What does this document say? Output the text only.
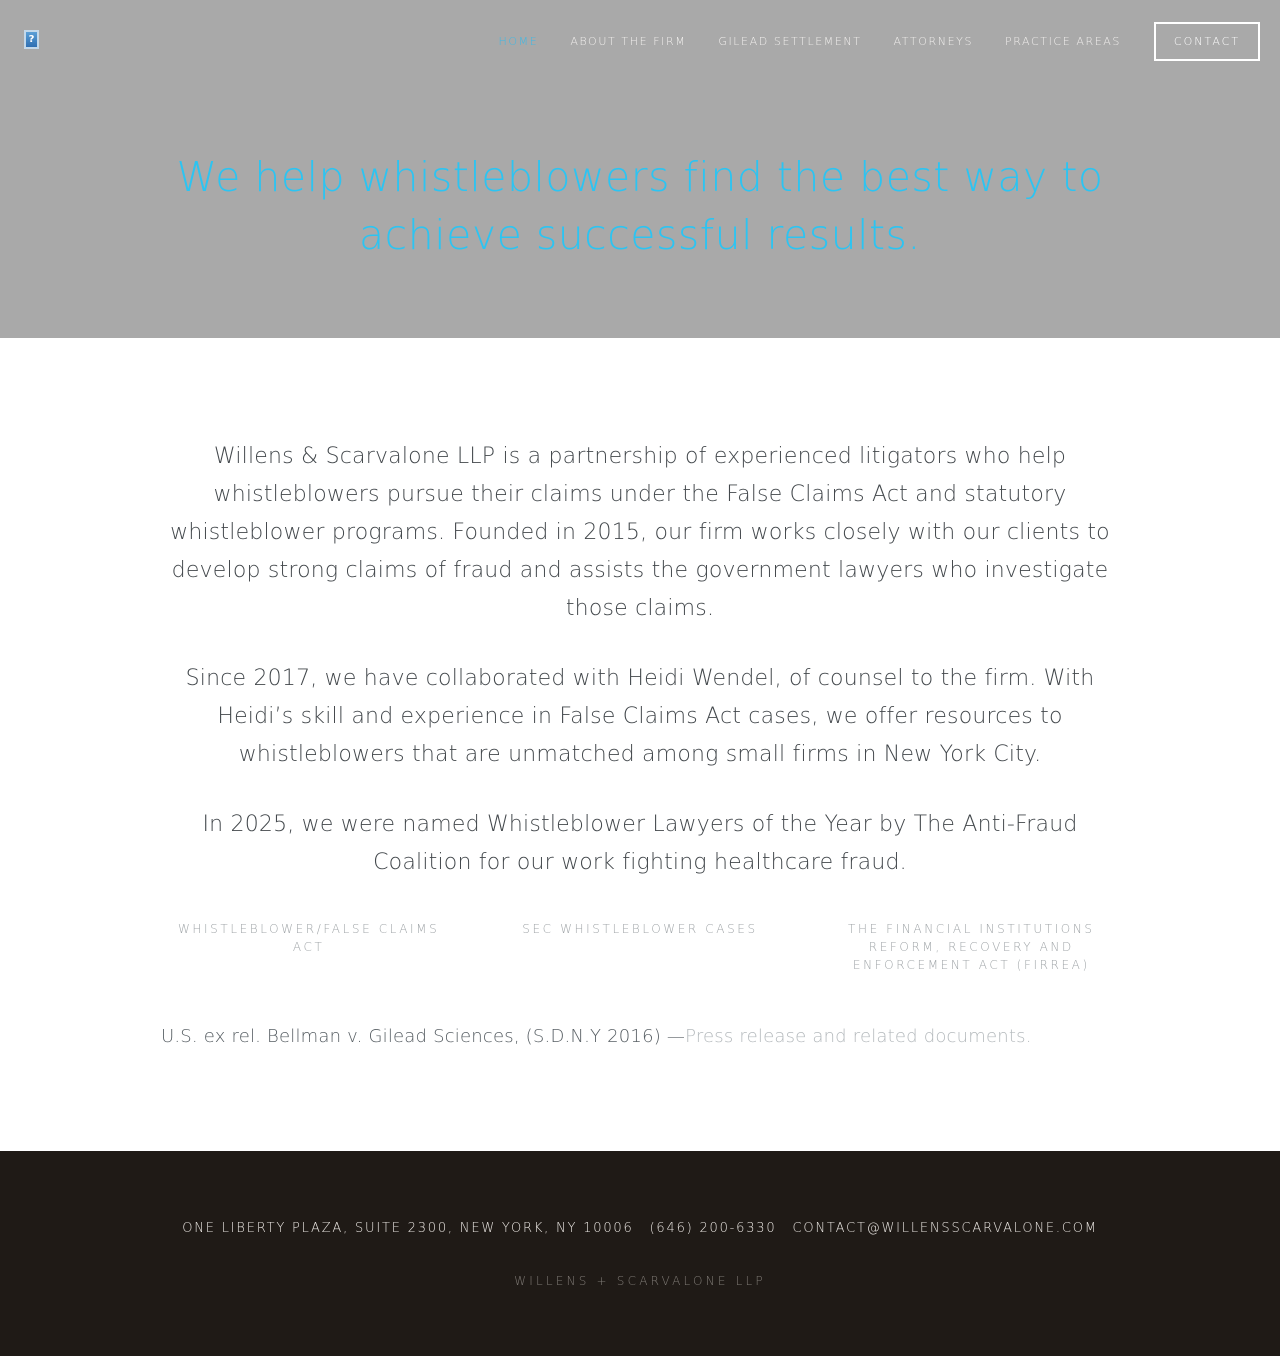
?	HOME	ABOUT THE FIRM	GILEAD SETTLEMENT	ATTORNEYS	PRACTICE AREAS	CONTACT
We help whistleblowers find the best way to
achieve successful results.

Willens & Scarvalone LLP is a partnership of experienced litigators who help whistleblowers pursue their claims under the False Claims Act and statutory whistleblower programs. Founded in 2015, our firm works closely with our clients to develop strong claims of fraud and assists the government lawyers who investigate those claims.

Since 2017, we have collaborated with Heidi Wendel, of counsel to the firm. With Heidi’s skill and experience in False Claims Act cases, we offer resources to whistleblowers that are unmatched among small firms in New York City.

In 2025, we were named Whistleblower Lawyers of the Year by The Anti-Fraud Coalition for our work fighting healthcare fraud.

WHISTLEBLOWER/FALSE CLAIMS ACT
SEC WHISTLEBLOWER CASES	THE FINANCIAL INSTITUTIONS REFORM, RECOVERY AND ENFORCEMENT ACT (FIRREA)

U.S. ex rel. Bellman v. Gilead Sciences, (S.D.N.Y 2016) —Press release and related documents.

ONE LIBERTY PLAZA, SUITE 2300, NEW YORK, NY 10006 (646) 200-6330 CONTACT@WILLENSSCARVALONE.COM
WILLENS + SCARVALONE LLP
